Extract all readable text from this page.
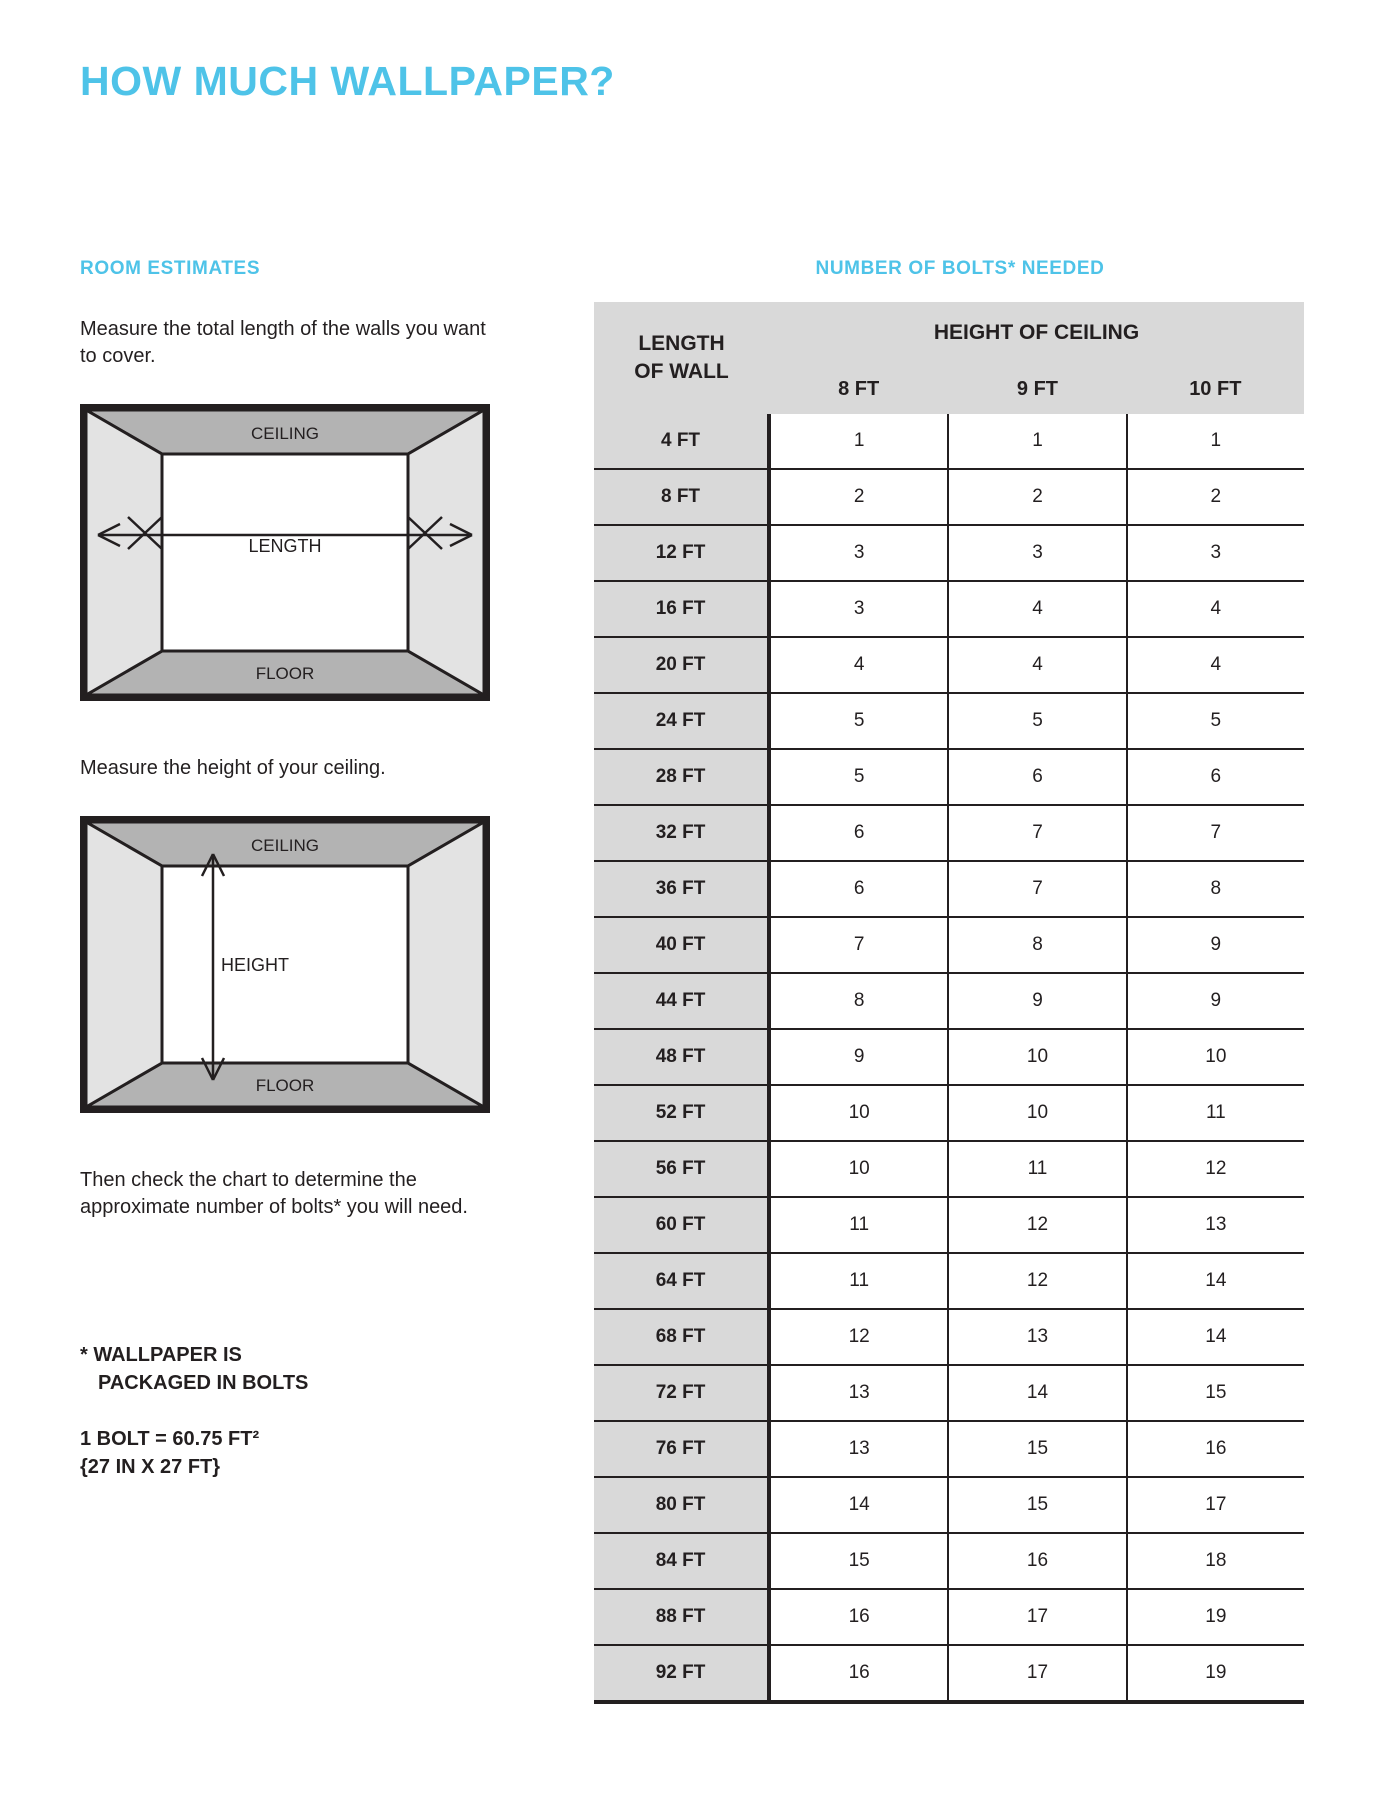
HOW MUCH WALLPAPER?
ROOM ESTIMATES

Measure the total length of the walls you want to cover.

LENGTH
CEILING
FLOOR

Measure the height of your ceiling.

HEIGHT
CEILING
FLOOR

Then check the chart to determine the approximate number of bolts* you will need.

* WALLPAPER IS
PACKAGED IN BOLTS

1 BOLT = 60.75 FT²
{27 IN X 27 FT}

NUMBER OF BOLTS* NEEDED
LENGTH
OF WALL	HEIGHT OF CEILING		
	8 FT	9 FT	10 FT
4 FT	1	1	1
8 FT	2	2	2
12 FT	3	3	3
16 FT	3	4	4
20 FT	4	4	4
24 FT	5	5	5
28 FT	5	6	6
32 FT	6	7	7
36 FT	6	7	8
40 FT	7	8	9
44 FT	8	9	9
48 FT	9	10	10
52 FT	10	10	11
56 FT	10	11	12
60 FT	11	12	13
64 FT	11	12	14
68 FT	12	13	14
72 FT	13	14	15
76 FT	13	15	16
80 FT	14	15	17
84 FT	15	16	18
88 FT	16	17	19
92 FT	16	17	19
